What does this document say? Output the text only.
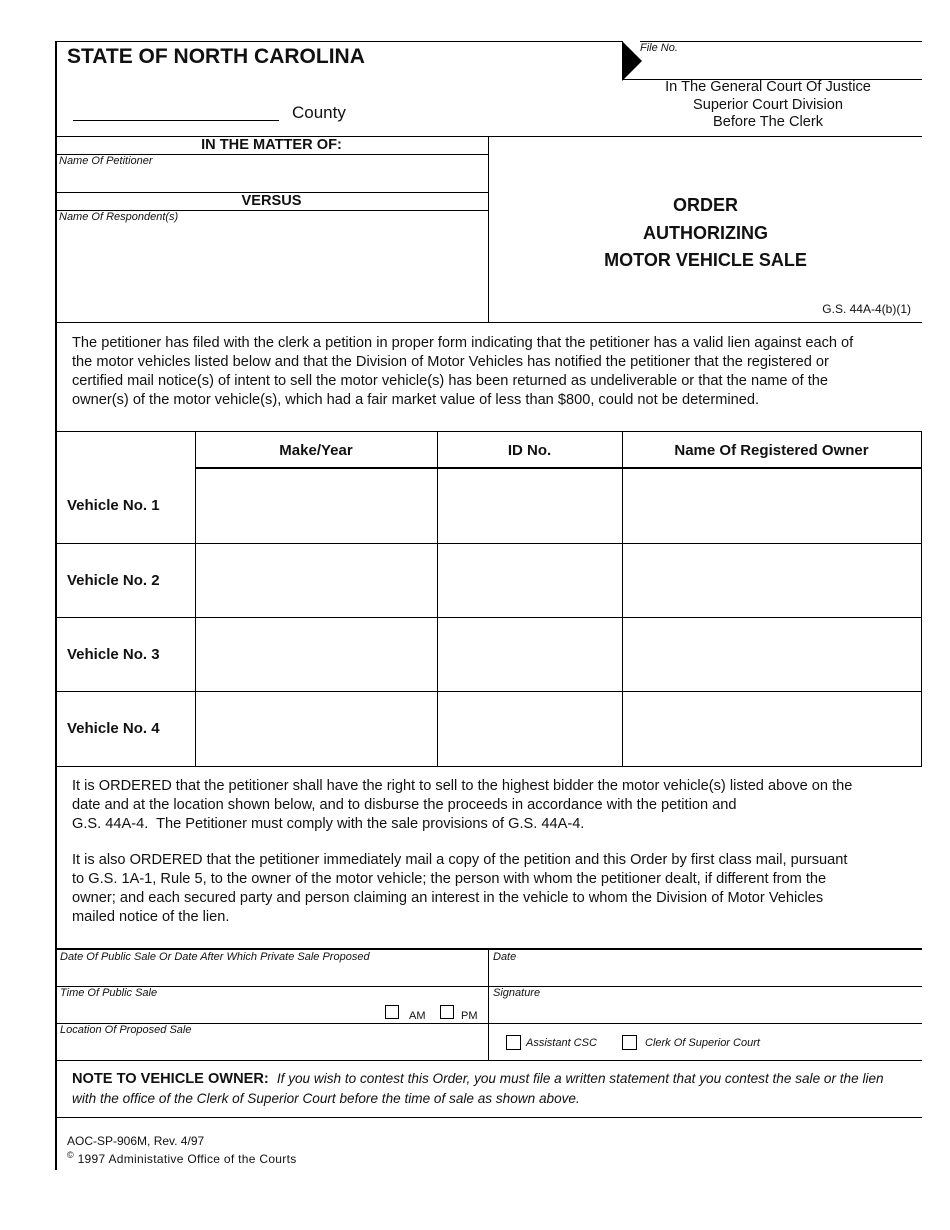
STATE OF NORTH CAROLINA
County
File No.
In The General Court Of Justice
Superior Court Division
Before The Clerk
IN THE MATTER OF:
Name Of Petitioner
VERSUS
Name Of Respondent(s)
ORDER
AUTHORIZING
MOTOR VEHICLE SALE
G.S. 44A-4(b)(1)
The petitioner has filed with the clerk a petition in proper form indicating that the petitioner has a valid lien against each of
the motor vehicles listed below and that the Division of Motor Vehicles has notified the petitioner that the registered or
certified mail notice(s) of intent to sell the motor vehicle(s) has been returned as undeliverable or that the name of the
owner(s) of the motor vehicle(s), which had a fair market value of less than $800, could not be determined.
Make/Year	ID No.	Name Of Registered Owner
Vehicle No. 1
Vehicle No. 2
Vehicle No. 3
Vehicle No. 4
It is ORDERED that the petitioner shall have the right to sell to the highest bidder the motor vehicle(s) listed above on the
date and at the location shown below, and to disburse the proceeds in accordance with the petition and
G.S. 44A-4.  The Petitioner must comply with the sale provisions of G.S. 44A-4.
It is also ORDERED that the petitioner immediately mail a copy of the petition and this Order by first class mail, pursuant
to G.S. 1A-1, Rule 5, to the owner of the motor vehicle; the person with whom the petitioner dealt, if different from the
owner; and each secured party and person claiming an interest in the vehicle to whom the Division of Motor Vehicles
mailed notice of the lien.
Date Of Public Sale Or Date After Which Private Sale Proposed	Date
Time Of Public Sale
AM	PM
Signature
Location Of Proposed Sale
Assistant CSC	Clerk Of Superior Court
NOTE TO VEHICLE OWNER: If you wish to contest this Order, you must file a written statement that you contest the sale or the lien
with the office of the Clerk of Superior Court before the time of sale as shown above.
AOC-SP-906M, Rev. 4/97
© 1997 Administative Office of the Courts
